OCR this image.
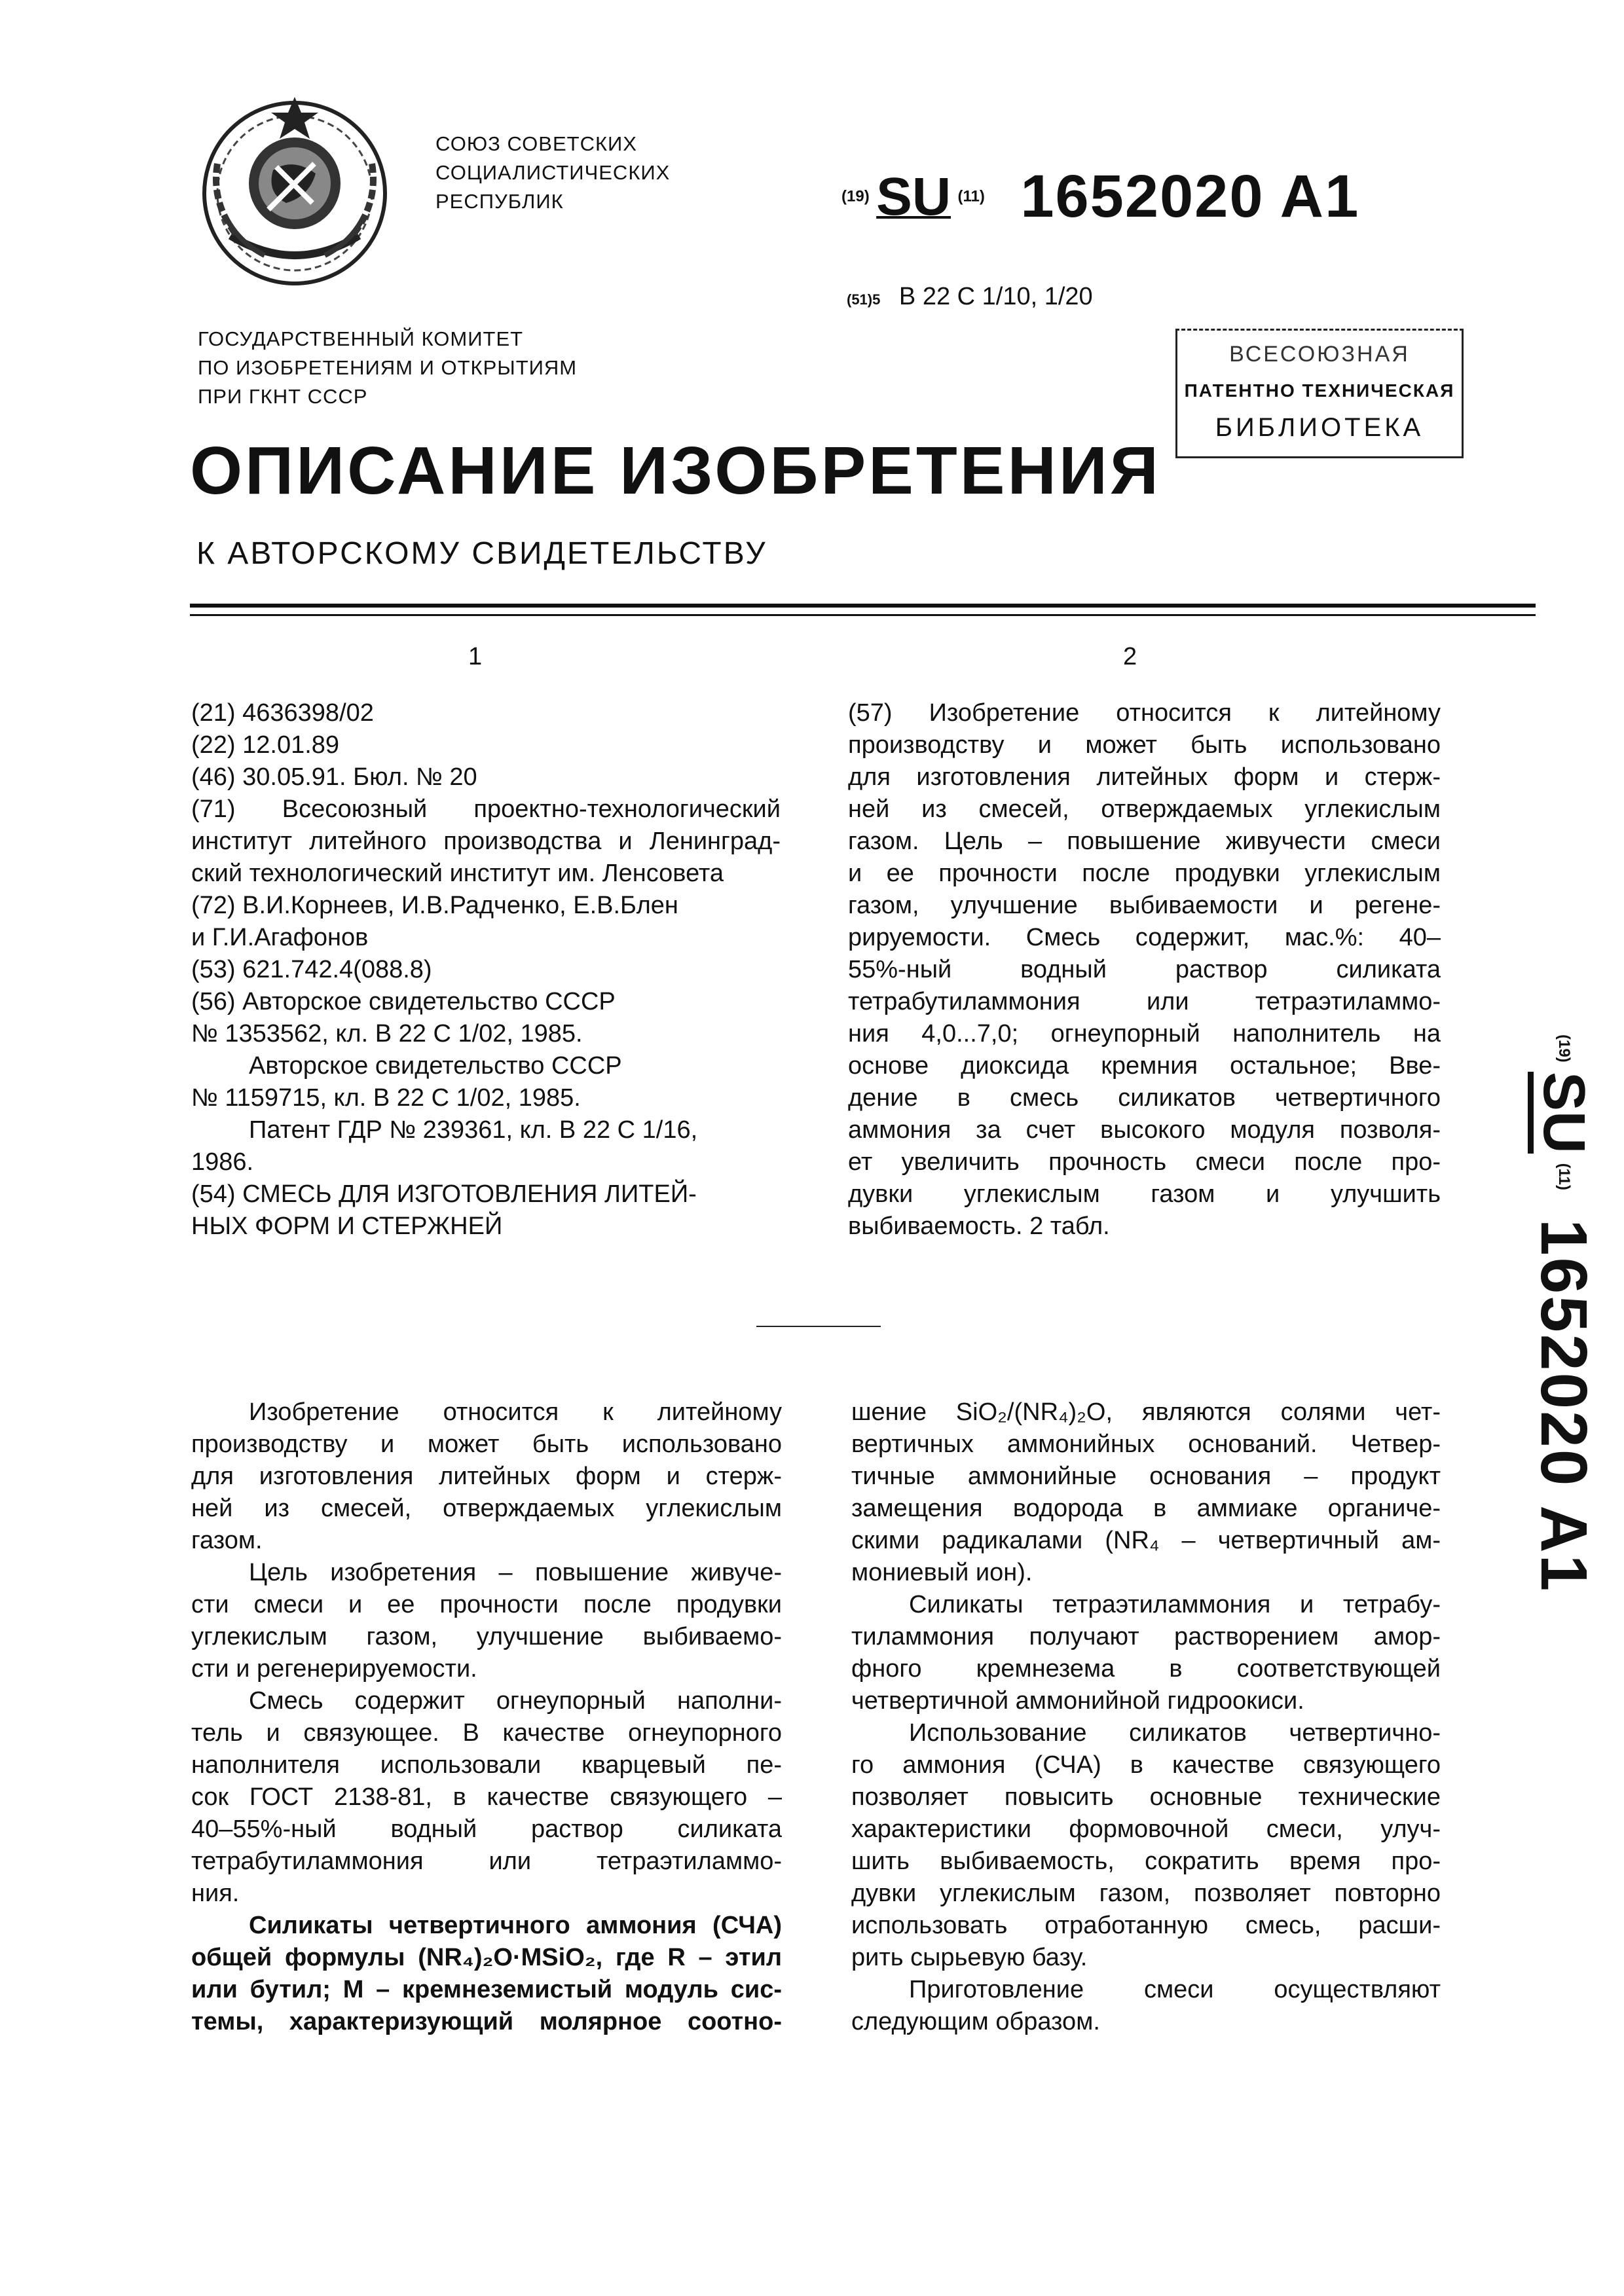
СОЮЗ СОВЕТСКИХ
СОЦИАЛИСТИЧЕСКИХ
РЕСПУБЛИК	(19) SU (11) 1652020 A1
(51)5 В 22 С 1/10, 1/20
ГОСУДАРСТВЕННЫЙ КОМИТЕТ
ПО ИЗОБРЕТЕНИЯМ И ОТКРЫТИЯМ
ПРИ ГКНТ СССР
ВСЕСОЮЗНАЯ
ПАТЕНТНО ТЕХНИЧЕСКАЯ
БИБЛИОТЕКА
ОПИСАНИЕ ИЗОБРЕТЕНИЯ
К АВТОРСКОМУ СВИДЕТЕЛЬСТВУ
1	2

(21) 4636398/02

(22) 12.01.89

(46) 30.05.91. Бюл. № 20

(71) Всесоюзный проектно-технологический

институт литейного производства и Ленинград-

ский технологический институт им. Ленсовета

(72) В.И.Корнеев, И.В.Радченко, Е.В.Блен

и Г.И.Агафонов

(53) 621.742.4(088.8)

(56) Авторское свидетельство СССР

№ 1353562, кл. В 22 С 1/02, 1985.

Авторское свидетельство СССР

№ 1159715, кл. В 22 С 1/02, 1985.

Патент ГДР № 239361, кл. В 22 С 1/16,

1986.

(54) СМЕСЬ ДЛЯ ИЗГОТОВЛЕНИЯ ЛИТЕЙ-

НЫХ ФОРМ И СТЕРЖНЕЙ

(57) Изобретение относится к литейному

производству и может быть использовано

для изготовления литейных форм и стерж-

ней из смесей, отверждаемых углекислым

газом. Цель – повышение живучести смеси

и ее прочности после продувки углекислым

газом, улучшение выбиваемости и регене-

рируемости. Смесь содержит, мас.%: 40–

55%-ный водный раствор силиката

тетрабутиламмония или тетраэтиламмо-

ния 4,0...7,0; огнеупорный наполнитель на

основе диоксида кремния остальное; Вве-

дение в смесь силикатов четвертичного

аммония за счет высокого модуля позволя-

ет увеличить прочность смеси после про-

дувки углекислым газом и улучшить

выбиваемость. 2 табл.

(19) SU (11) 1652020 A1

Изобретение относится к литейному

производству и может быть использовано

для изготовления литейных форм и стерж-

ней из смесей, отверждаемых углекислым

газом.

Цель изобретения – повышение живуче-

сти смеси и ее прочности после продувки

углекислым газом, улучшение выбиваемо-

сти и регенерируемости.

Смесь содержит огнеупорный наполни-

тель и связующее. В качестве огнеупорного

наполнителя использовали кварцевый пе-

сок ГОСТ 2138-81, в качестве связующего –

40–55%-ный водный раствор силиката

тетрабутиламмония или тетраэтиламмо-

ния.

Силикаты четвертичного аммония (СЧА)

общей формулы (NR₄)₂O·MSiO₂, где R – этил

или бутил; М – кремнеземистый модуль сис-

темы, характеризующий молярное соотно-

шение SiO₂/(NR₄)₂O, являются солями чет-

вертичных аммонийных оснований. Четвер-

тичные аммонийные основания – продукт

замещения водорода в аммиаке органиче-

скими радикалами (NR₄ – четвертичный ам-

мониевый ион).

Силикаты тетраэтиламмония и тетрабу-

тиламмония получают растворением амор-

фного кремнезема в соответствующей

четвертичной аммонийной гидроокиси.

Использование силикатов четвертично-

го аммония (СЧА) в качестве связующего

позволяет повысить основные технические

характеристики формовочной смеси, улуч-

шить выбиваемость, сократить время про-

дувки углекислым газом, позволяет повторно

использовать отработанную смесь, расши-

рить сырьевую базу.

Приготовление смеси осуществляют

следующим образом.
